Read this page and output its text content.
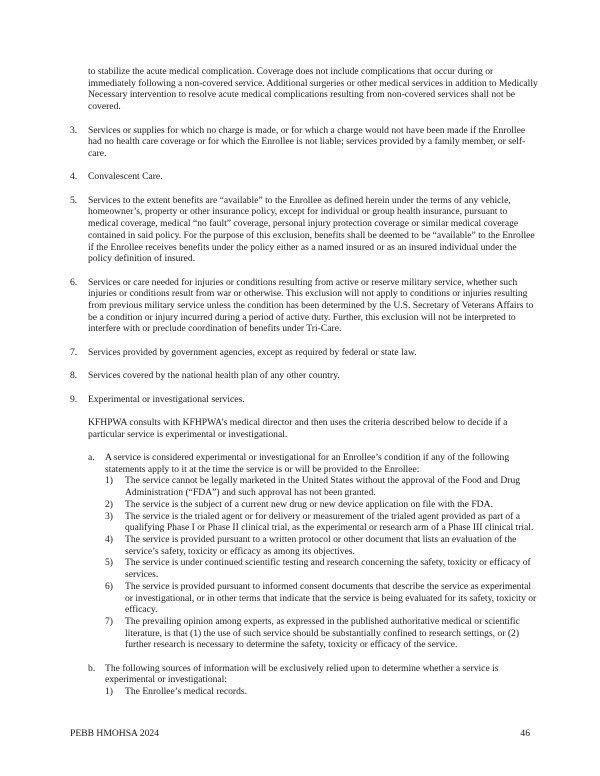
to stabilize the acute medical complication. Coverage does not include complications that occur during or immediately following a non-covered service. Additional surgeries or other medical services in addition to Medically Necessary intervention to resolve acute medical complications resulting from non-covered services shall not be covered.

3.	Services or supplies for which no charge is made, or for which a charge would not have been made if the Enrollee had no health care coverage or for which the Enrollee is not liable; services provided by a family member, or self-care.
4.	Convalescent Care.
5.	Services to the extent benefits are “available” to the Enrollee as defined herein under the terms of any vehicle, homeowner’s, property or other insurance policy, except for individual or group health insurance, pursuant to medical coverage, medical “no fault” coverage, personal injury protection coverage or similar medical coverage contained in said policy. For the purpose of this exclusion, benefits shall be deemed to be “available” to the Enrollee if the Enrollee receives benefits under the policy either as a named insured or as an insured individual under the policy definition of insured.
6.	Services or care needed for injuries or conditions resulting from active or reserve military service, whether such injuries or conditions result from war or otherwise. This exclusion will not apply to conditions or injuries resulting from previous military service unless the condition has been determined by the U.S. Secretary of Veterans Affairs to be a condition or injury incurred during a period of active duty. Further, this exclusion will not be interpreted to interfere with or preclude coordination of benefits under Tri-Care.
7.	Services provided by government agencies, except as required by federal or state law.
8.	Services covered by the national health plan of any other country.
9.	Experimental or investigational services.

KFHPWA consults with KFHPWA’s medical director and then uses the criteria described below to decide if a particular service is experimental or investigational.

a.	A service is considered experimental or investigational for an Enrollee’s condition if any of the following statements apply to it at the time the service is or will be provided to the Enrollee:

1)	The service cannot be legally marketed in the United States without the approval of the Food and Drug Administration (“FDA”) and such approval has not been granted.
2)	The service is the subject of a current new drug or new device application on file with the FDA.
3)	The service is the trialed agent or for delivery or measurement of the trialed agent provided as part of a qualifying Phase I or Phase II clinical trial, as the experimental or research arm of a Phase III clinical trial.
4)	The service is provided pursuant to a written protocol or other document that lists an evaluation of the service’s safety, toxicity or efficacy as among its objectives.
5)	The service is under continued scientific testing and research concerning the safety, toxicity or efficacy of services.
6)	The service is provided pursuant to informed consent documents that describe the service as experimental or investigational, or in other terms that indicate that the service is being evaluated for its safety, toxicity or efficacy.
7)	The prevailing opinion among experts, as expressed in the published authoritative medical or scientific literature, is that (1) the use of such service should be substantially confined to research settings, or (2) further research is necessary to determine the safety, toxicity or efficacy of the service.
b.	The following sources of information will be exclusively relied upon to determine whether a service is experimental or investigational:

1)	The Enrollee’s medical records.
PEBB HMOHSA 2024	46
